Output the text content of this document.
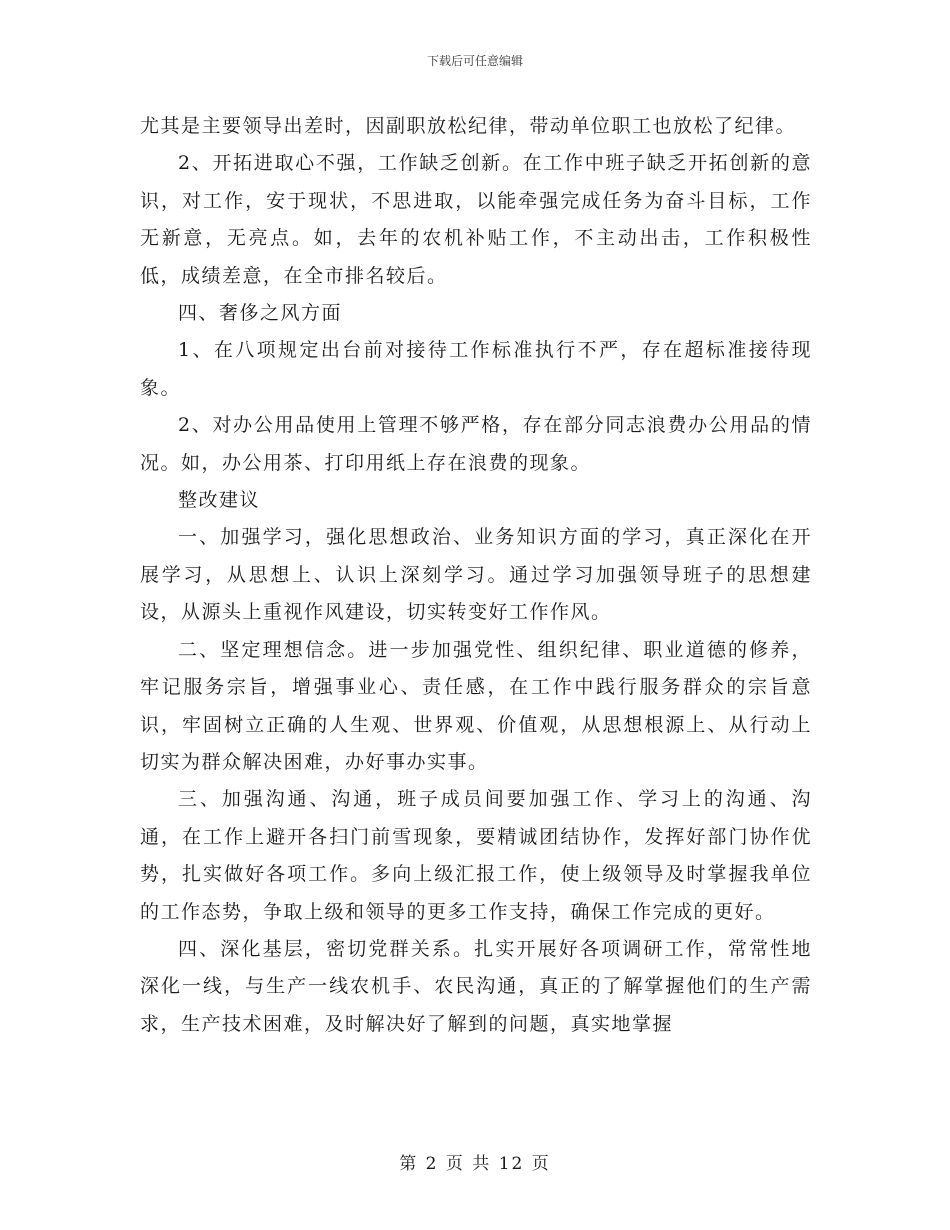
下载后可任意编辑

尤其是主要领导出差时，因副职放松纪律，带动单位职工也放松了纪律。

2、开拓进取心不强，工作缺乏创新。在工作中班子缺乏开拓创新的意识，对工作，安于现状，不思进取，以能牵强完成任务为奋斗目标，工作无新意，无亮点。如，去年的农机补贴工作，不主动出击，工作积极性低，成绩差意，在全市排名较后。

四、奢侈之风方面

1、在八项规定出台前对接待工作标准执行不严，存在超标准接待现象。

2、对办公用品使用上管理不够严格，存在部分同志浪费办公用品的情况。如，办公用茶、打印用纸上存在浪费的现象。

整改建议

一、加强学习，强化思想政治、业务知识方面的学习，真正深化在开展学习，从思想上、认识上深刻学习。通过学习加强领导班子的思想建设，从源头上重视作风建设，切实转变好工作作风。

二、坚定理想信念。进一步加强党性、组织纪律、职业道德的修养，牢记服务宗旨，增强事业心、责任感，在工作中践行服务群众的宗旨意识，牢固树立正确的人生观、世界观、价值观，从思想根源上、从行动上切实为群众解决困难，办好事办实事。

三、加强沟通、沟通，班子成员间要加强工作、学习上的沟通、沟通，在工作上避开各扫门前雪现象，要精诚团结协作，发挥好部门协作优势，扎实做好各项工作。多向上级汇报工作，使上级领导及时掌握我单位的工作态势，争取上级和领导的更多工作支持，确保工作完成的更好。

四、深化基层，密切党群关系。扎实开展好各项调研工作，常常性地深化一线，与生产一线农机手、农民沟通，真正的了解掌握他们的生产需求，生产技术困难，及时解决好了解到的问题，真实地掌握

第 2 页 共 12 页
